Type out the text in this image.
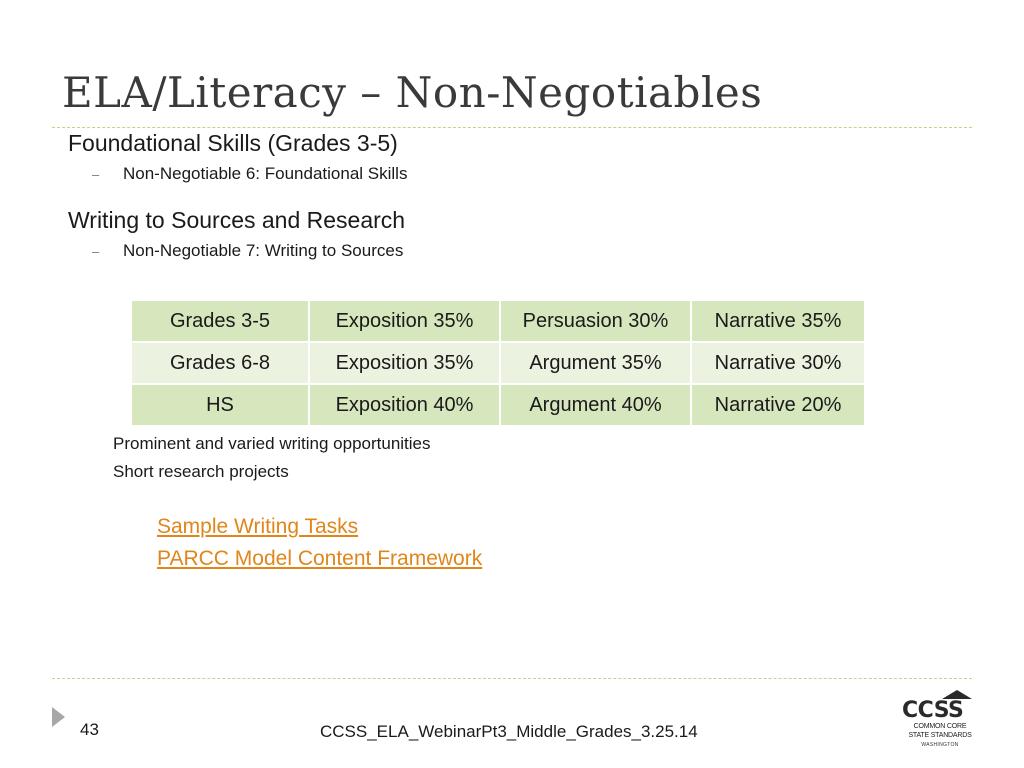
ELA/Literacy – Non-Negotiables
Foundational Skills (Grades 3-5)
– Non-Negotiable 6: Foundational Skills
Writing to Sources and Research
– Non-Negotiable 7: Writing to Sources
Grades 3-5	Exposition 35%	Persuasion 30%	Narrative 35%
Grades 6-8	Exposition 35%	Argument 35%	Narrative 30%
HS	Exposition 40%	Argument 40%	Narrative 20%
Prominent and varied writing opportunities
Short research projects
Sample Writing Tasks
PARCC Model Content Framework
43	CCSS_ELA_WebinarPt3_Middle_Grades_3.25.14
CCSS
COMMON CORE
STATE STANDARDS
WASHINGTON
